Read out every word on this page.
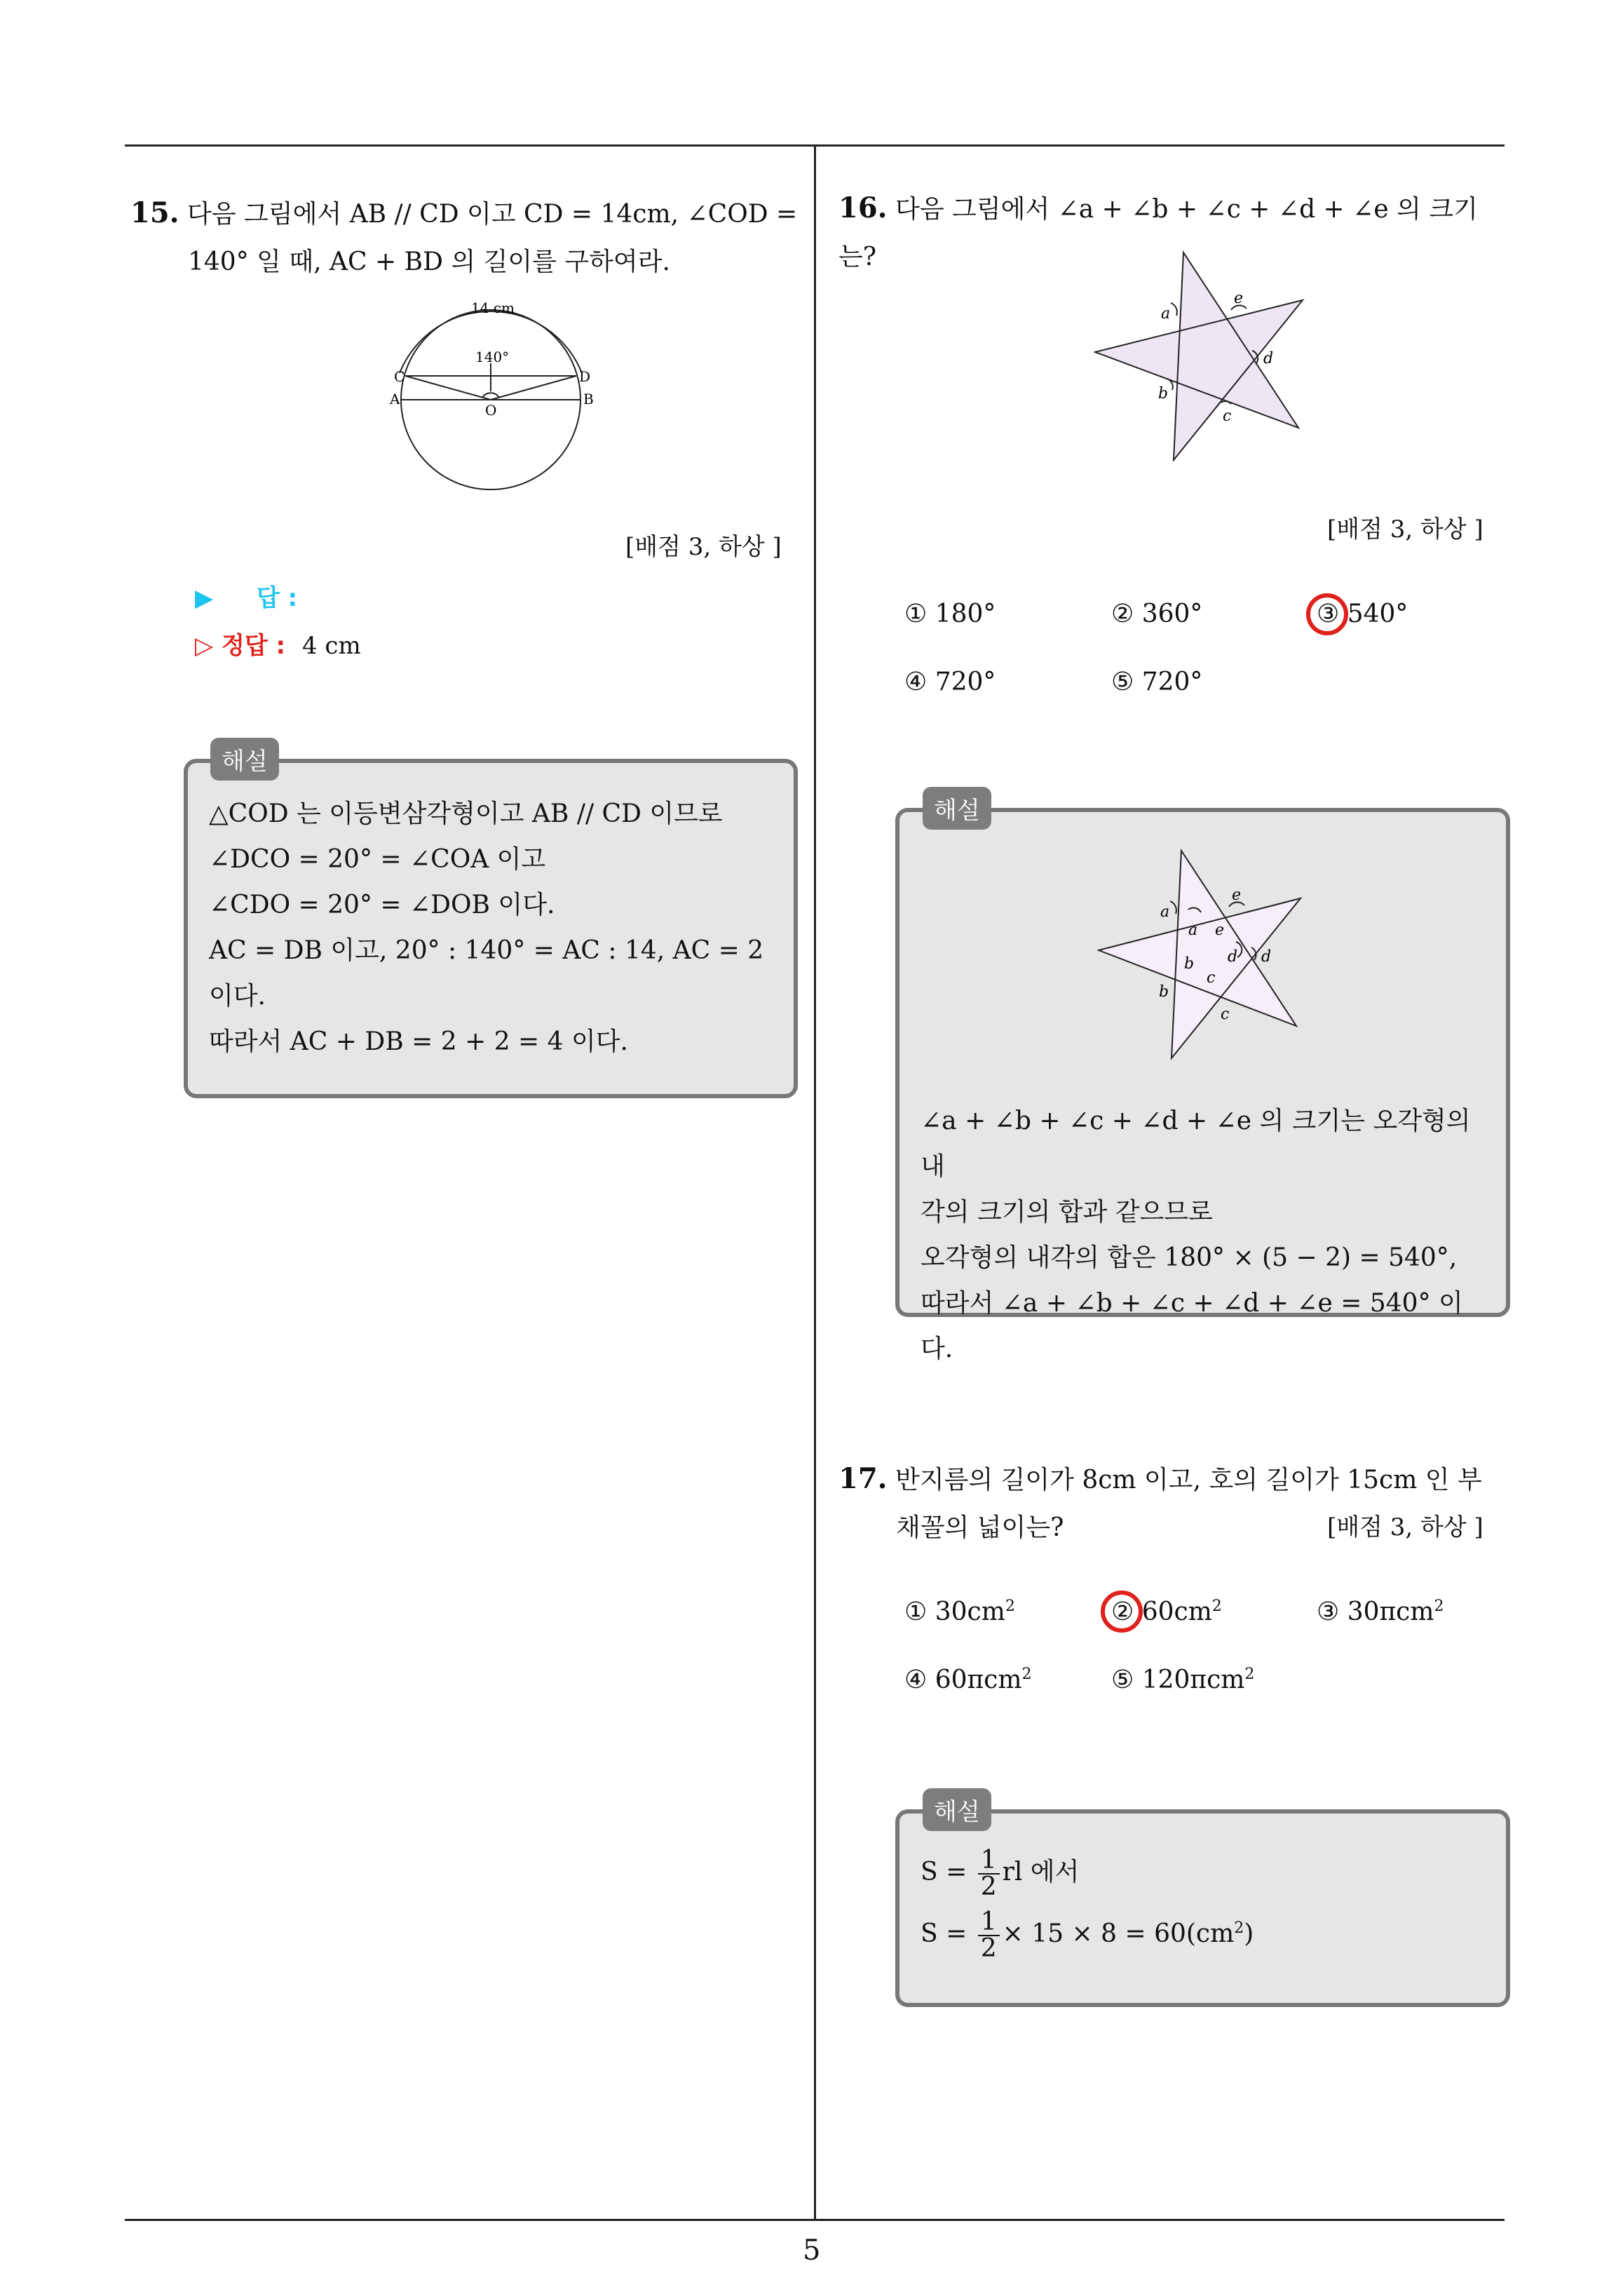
5
15. 다음 그림에서 AB // CD 이고 CD = 14cm, ∠COD =
140° 일 때, AC + BD 의 길이를 구하여라.
14 cm
140°
C	D
A
O
B
[배점 3, 하상 ]
▶ 답 :
▷ 정답 : 4 cm
해설
△COD 는 이등변삼각형이고 AB // CD 이므로
∠DCO = 20° = ∠COA 이고
∠CDO = 20° = ∠DOB 이다.
AC = DB 이고, 20° : 140° = AC : 14, AC = 2
이다.
따라서 AC + DB = 2 + 2 = 4 이다.
16. 다음 그림에서 ∠a + ∠b + ∠c + ∠d + ∠e 의 크기는?
a
b
c
d
e
[배점 3, 하상 ]
① 180°	② 360°	③ 540°
④ 720°	⑤ 720°
해설
a
a
e
e
d
d
b
b
c
c
∠a + ∠b + ∠c + ∠d + ∠e 의 크기는 오각형의 내
각의 크기의 합과 같으므로
오각형의 내각의 합은 180° × (5 − 2) = 540°,
따라서 ∠a + ∠b + ∠c + ∠d + ∠e = 540° 이다.
17. 반지름의 길이가 8cm 이고, 호의 길이가 15cm 인 부
채꼴의 넓이는?	[배점 3, 하상 ]
① $30cm^2$	② $60cm^2$	③ 30πcm$^2$
④ 60πcm$^2$	⑤ 120πcm$^2$
해설
$S = \frac{1}{2}$ rl 에서
$S = \frac{1}{2} \times 15 \times 8 = 60(cm^2)$
